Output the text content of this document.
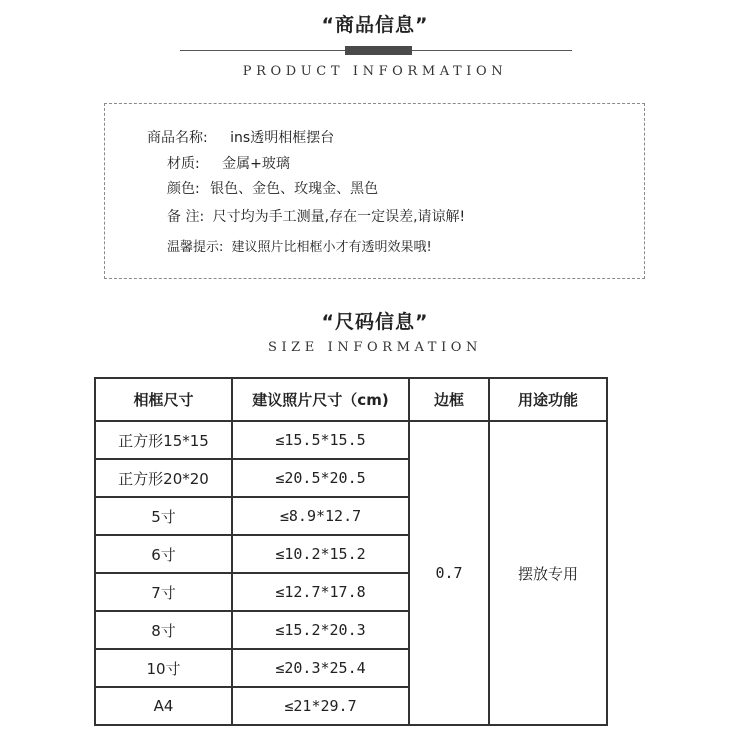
“商品信息”
PRODUCT INFORMATION
商品名称: ins透明相框摆台
材质: 金属+玻璃
颜色: 银色、金色、玫瑰金、黑色
备 注: 尺寸均为手工测量,存在一定误差,请谅解!
温馨提示: 建议照片比相框小才有透明效果哦!
“尺码信息”
SIZE INFORMATION
相框尺寸	建议照片尺寸（cm)	边框	用途功能
正方形15*15	≤15.5*15.5	0.7	摆放专用
正方形20*20	≤20.5*20.5		
5寸	≤8.9*12.7		
6寸	≤10.2*15.2		
7寸	≤12.7*17.8		
8寸	≤15.2*20.3		
10寸	≤20.3*25.4		
A4	≤21*29.7		
